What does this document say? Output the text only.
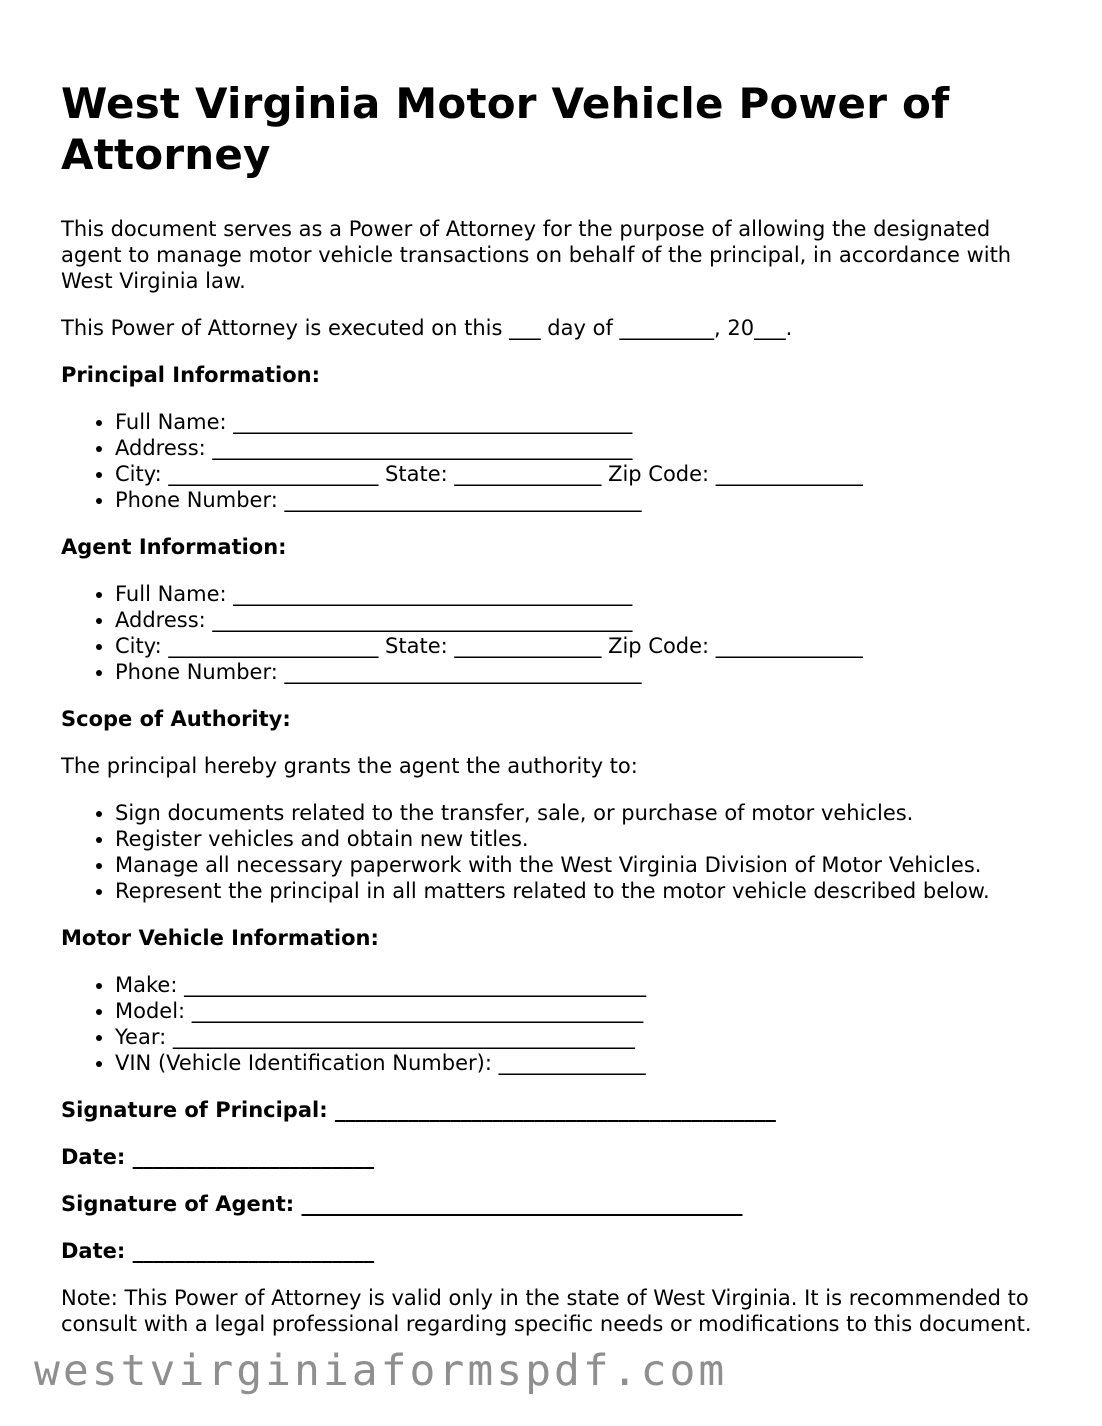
West Virginia Motor Vehicle Power of Attorney

This document serves as a Power of Attorney for the purpose of allowing the designated agent to manage motor vehicle transactions on behalf of the principal, in accordance with West Virginia law.

This Power of Attorney is executed on this ___ day of _________, 20___.

Principal Information:

• Full Name: ______________________________________
• Address: ________________________________________
• City: ____________________ State: ______________ Zip Code: ______________
• Phone Number: __________________________________

Agent Information:

• Full Name: ______________________________________
• Address: ________________________________________
• City: ____________________ State: ______________ Zip Code: ______________
• Phone Number: __________________________________

Scope of Authority:

The principal hereby grants the agent the authority to:

• Sign documents related to the transfer, sale, or purchase of motor vehicles.
• Register vehicles and obtain new titles.
• Manage all necessary paperwork with the West Virginia Division of Motor Vehicles.
• Represent the principal in all matters related to the motor vehicle described below.

Motor Vehicle Information:

• Make: ____________________________________________
• Model: ___________________________________________
• Year: ____________________________________________
• VIN (Vehicle Identification Number): ______________

Signature of Principal: __________________________________________

Date: _______________________

Signature of Agent: __________________________________________

Date: _______________________

Note: This Power of Attorney is valid only in the state of West Virginia. It is recommended to consult with a legal professional regarding specific needs or modifications to this document.

westvirginiaformspdf.com
